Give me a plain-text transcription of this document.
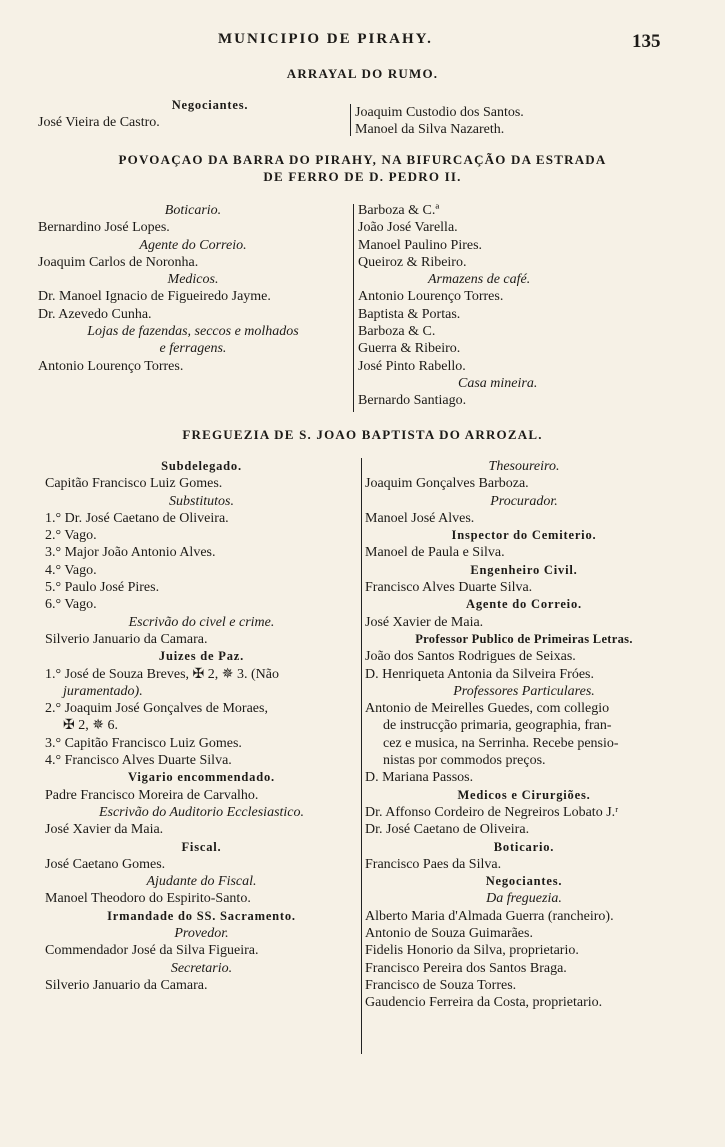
MUNICIPIO DE PIRAHY.	135
ARRAYAL DO RUMO.
Negociantes.
José Vieira de Castro.
Joaquim Custodio dos Santos.
Manoel da Silva Nazareth.
POVOAÇAO DA BARRA DO PIRAHY, NA BIFURCAÇÃO DA ESTRADA
DE FERRO DE D. PEDRO II.
Boticario.
Bernardino José Lopes.
Agente do Correio.
Joaquim Carlos de Noronha.
Medicos.
Dr. Manoel Ignacio de Figueiredo Jayme.
Dr. Azevedo Cunha.
Lojas de fazendas, seccos e molhados
e ferragens.
Antonio Lourenço Torres.
Barboza & C.ª
João José Varella.
Manoel Paulino Pires.
Queiroz & Ribeiro.
Armazens de café.
Antonio Lourenço Torres.
Baptista & Portas.
Barboza & C.
Guerra & Ribeiro.
José Pinto Rabello.
Casa mineira.
Bernardo Santiago.
FREGUEZIA DE S. JOAO BAPTISTA DO ARROZAL.
Subdelegado.
Capitão Francisco Luiz Gomes.
Substitutos.
1.° Dr. José Caetano de Oliveira.
2.° Vago.
3.° Major João Antonio Alves.
4.° Vago.
5.° Paulo José Pires.
6.° Vago.
Escrivão do civel e crime.
Silverio Januario da Camara.
Juizes de Paz.
1.° José de Souza Breves, ✠ 2, ✵ 3. (Não
juramentado).
2.° Joaquim José Gonçalves de Moraes,
✠ 2, ✵ 6.
3.° Capitão Francisco Luiz Gomes.
4.° Francisco Alves Duarte Silva.
Vigario encommendado.
Padre Francisco Moreira de Carvalho.
Escrivão do Auditorio Ecclesiastico.
José Xavier da Maia.
Fiscal.
José Caetano Gomes.
Ajudante do Fiscal.
Manoel Theodoro do Espirito-Santo.
Irmandade do SS. Sacramento.
Provedor.
Commendador José da Silva Figueira.
Secretario.
Silverio Januario da Camara.
Thesoureiro.
Joaquim Gonçalves Barboza.
Procurador.
Manoel José Alves.
Inspector do Cemiterio.
Manoel de Paula e Silva.
Engenheiro Civil.
Francisco Alves Duarte Silva.
Agente do Correio.
José Xavier de Maia.
Professor Publico de Primeiras Letras.
João dos Santos Rodrigues de Seixas.
D. Henriqueta Antonia da Silveira Fróes.
Professores Particulares.
Antonio de Meirelles Guedes, com collegio
de instrucção primaria, geographia, fran-
cez e musica, na Serrinha. Recebe pensio-
nistas por commodos preços.
D. Mariana Passos.
Medicos e Cirurgiões.
Dr. Affonso Cordeiro de Negreiros Lobato J.ʳ
Dr. José Caetano de Oliveira.
Boticario.
Francisco Paes da Silva.
Negociantes.
Da freguezia.
Alberto Maria d'Almada Guerra (rancheiro).
Antonio de Souza Guimarães.
Fidelis Honorio da Silva, proprietario.
Francisco Pereira dos Santos Braga.
Francisco de Souza Torres.
Gaudencio Ferreira da Costa, proprietario.
